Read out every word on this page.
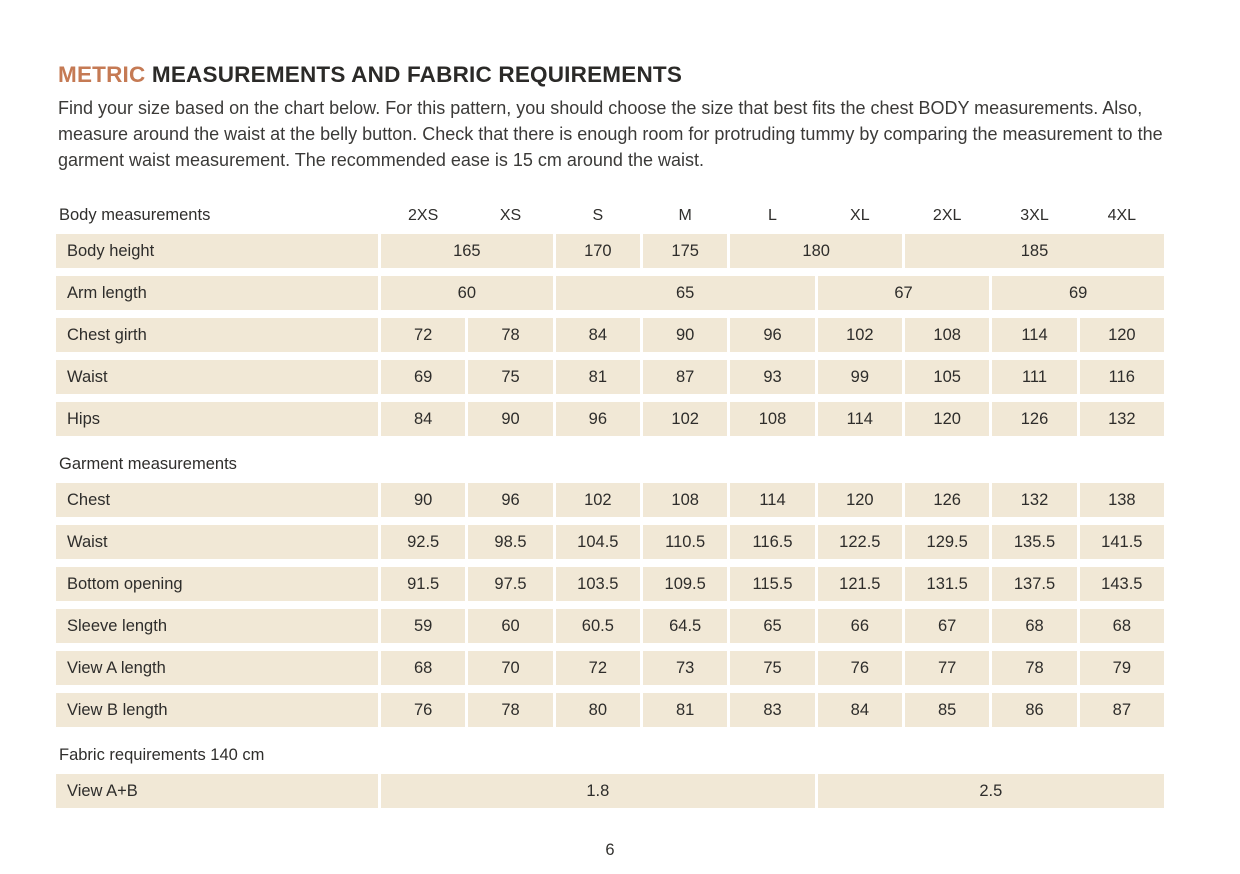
METRIC MEASUREMENTS AND FABRIC REQUIREMENTS

Find your size based on the chart below. For this pattern, you should choose the size that best fits the chest BODY measurements. Also, measure around the waist at the belly button. Check that there is enough room for protruding tummy by comparing the measurement to the garment waist measurement. The recommended ease is 15 cm around the waist.

Body measurements	2XS	XS	S	M	L	XL	2XL	3XL	4XL
Body height	165	170	175	180	185
Arm length	60	65	67	69
Chest girth	72	78	84	90	96	102	108	114	120
Waist	69	75	81	87	93	99	105	111	116
Hips	84	90	96	102	108	114	120	126	132
Garment measurements
Chest	90	96	102	108	114	120	126	132	138
Waist	92.5	98.5	104.5	110.5	116.5	122.5	129.5	135.5	141.5
Bottom opening	91.5	97.5	103.5	109.5	115.5	121.5	131.5	137.5	143.5
Sleeve length	59	60	60.5	64.5	65	66	67	68	68
View A length	68	70	72	73	75	76	77	78	79
View B length	76	78	80	81	83	84	85	86	87
Fabric requirements 140 cm
View A+B	1.8	2.5
6
